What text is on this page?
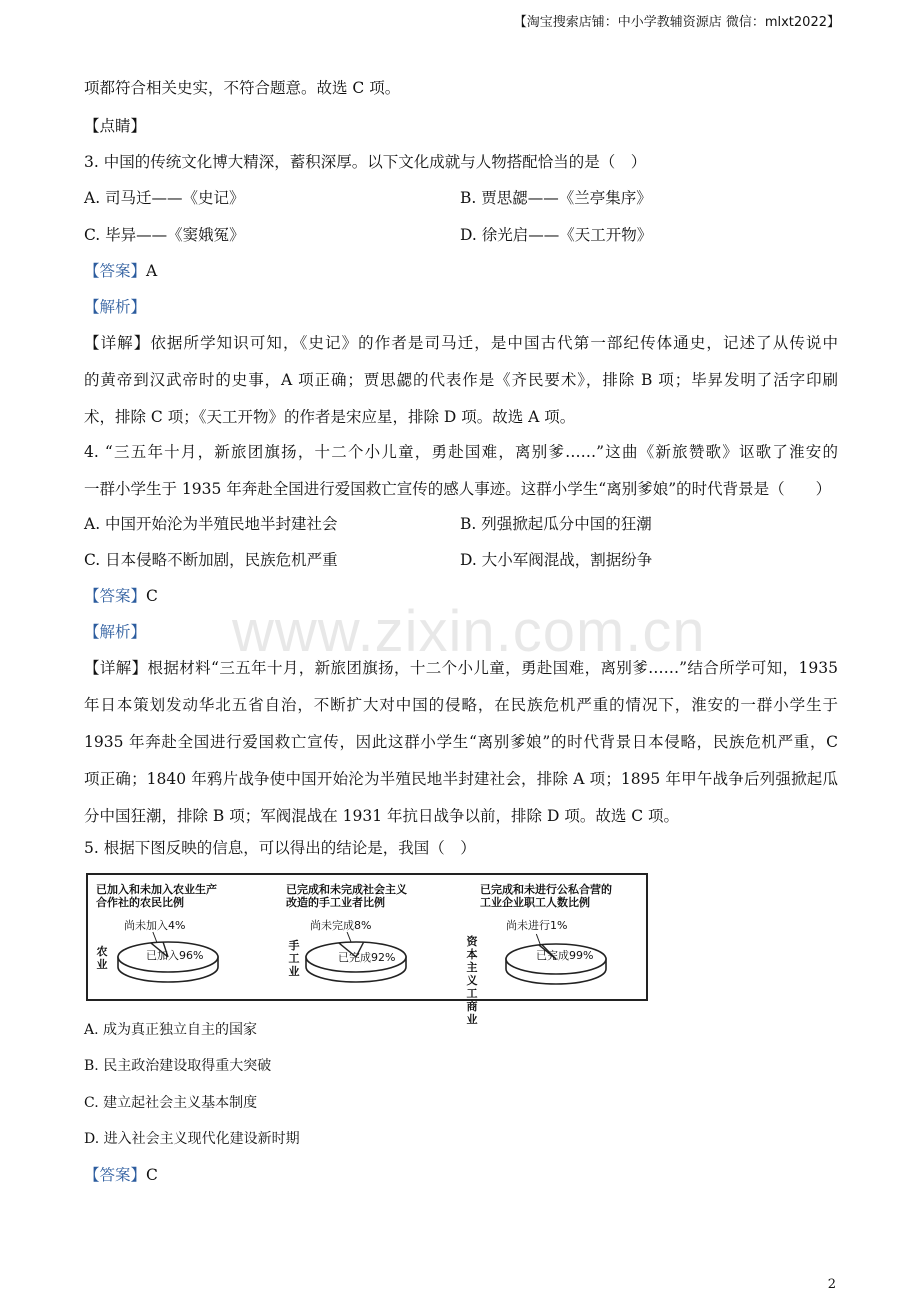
【淘宝搜索店铺：中小学教辅资源店 微信：mlxt2022】
www.zixin.com.cn
项都符合相关史实，不符合题意。故选 C 项。
【点睛】
3. 中国的传统文化博大精深，蓄积深厚。以下文化成就与人物搭配恰当的是（　）
A. 司马迁——《史记》	B. 贾思勰——《兰亭集序》
C. 毕异——《窦娥冤》	D. 徐光启——《天工开物》
【答案】A
【解析】
【详解】依据所学知识可知，《史记》的作者是司马迁，是中国古代第一部纪传体通史，记述了从传说中
的黄帝到汉武帝时的史事，A 项正确；贾思勰的代表作是《齐民要术》，排除 B 项；毕昇发明了活字印刷
术，排除 C 项；《天工开物》的作者是宋应星，排除 D 项。故选 A 项。
4. “三五年十月，新旅团旗扬，十二个小儿童，勇赴国难，离别爹……”这曲《新旅赞歌》讴歌了淮安的
一群小学生于 1935 年奔赴全国进行爱国救亡宣传的感人事迹。这群小学生“离别爹娘”的时代背景是（　　）
A. 中国开始沦为半殖民地半封建社会	B. 列强掀起瓜分中国的狂潮
C. 日本侵略不断加剧，民族危机严重	D. 大小军阀混战，割据纷争
【答案】C
【解析】
【详解】根据材料“三五年十月，新旅团旗扬，十二个小儿童，勇赴国难，离别爹……”结合所学可知，1935
年日本策划发动华北五省自治，不断扩大对中国的侵略，在民族危机严重的情况下，淮安的一群小学生于
1935 年奔赴全国进行爱国救亡宣传，因此这群小学生“离别爹娘”的时代背景日本侵略，民族危机严重，C
项正确；1840 年鸦片战争使中国开始沦为半殖民地半封建社会，排除 A 项；1895 年甲午战争后列强掀起瓜
分中国狂潮，排除 B 项；军阀混战在 1931 年抗日战争以前，排除 D 项。故选 C 项。
5. 根据下图反映的信息，可以得出的结论是，我国（　）
已加入和未加入农业生产
合作社的农民比例
尚未加入4%
已加入96%
农
业
已完成和未完成社会主义
改造的手工业者比例
尚未完成8%
已完成92%
手
工
业
已完成和未进行公私合营的
工业企业职工人数比例
尚未进行1%
已完成99%
资
本
主
义
工
商
业
A. 成为真正独立自主的国家
B. 民主政治建设取得重大突破
C. 建立起社会主义基本制度
D. 进入社会主义现代化建设新时期
【答案】C
2
